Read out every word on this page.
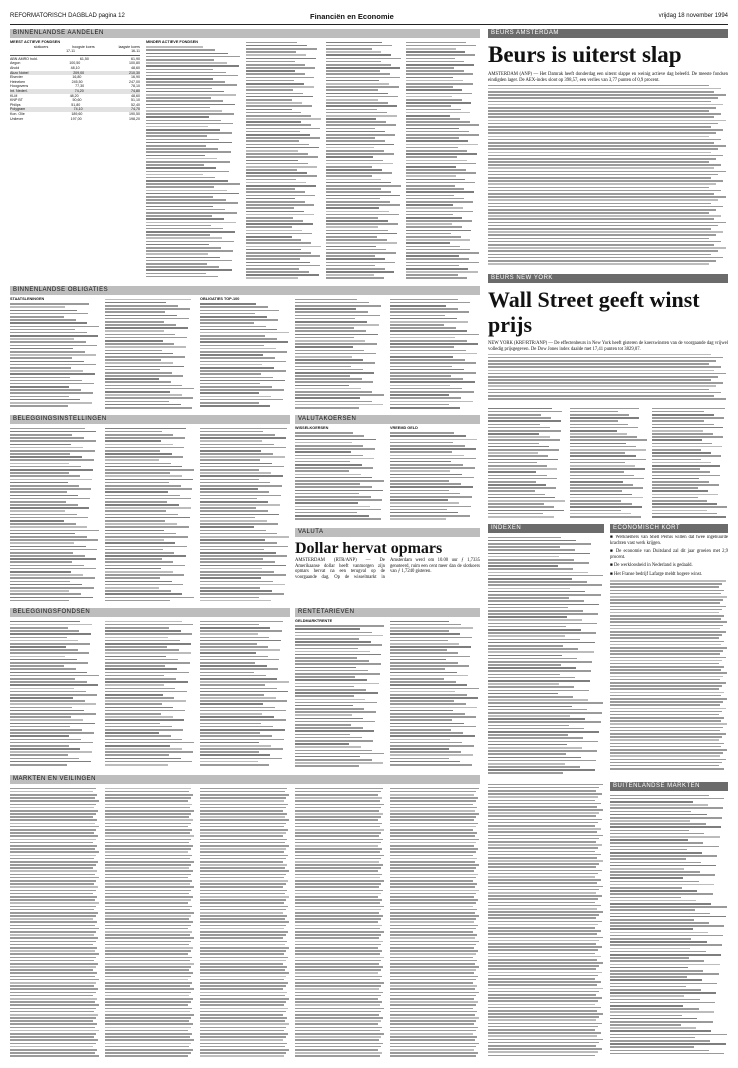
REFORMATORISCH DAGBLAD pagina 12	Financiën en Economie	vrijdag 18 november 1994
BINNENLANDSE AANDELEN
MEEST ACTIEVE FONDSEN
slotkoers	hoogste koers	laagste koers
17-11	16-11
ABN AMRO hold.	61,50	61,90
Aegon	100,50	100,80
Ahold	48,10	48,60
Akzo Nobel	209,00	210,30
Elsevier	16,80	16,90
Heineken	245,50	247,00
Hoogovens	77,30	78,10
Int. Nederl.	74,20	74,80
KLM	48,20	48,60
KNP BT	50,60	51,10
Philips	51,80	52,40
Polygram	74,10	74,70
Kon. Olie	189,60	190,50
Unilever	197,00	198,20
MINDER ACTIEVE FONDSEN
BINNENLANDSE OBLIGATIES
STAATSLENINGEN	OBLIGATIES TOP-100
BELEGGINGSINSTELLINGEN	VALUTAKOERSEN
WISSELKOERSEN	VREEMD GELD
VALUTA
Dollar hervat opmars
AMSTERDAM (RTR/ANP) — De Amerikaanse dollar heeft vanmorgen zijn opmars hervat na een terugval op de voorgaande dag. Op de wisselmarkt in Amsterdam werd om 10.00 uur ƒ 1,7335 genoteerd, ruim een cent meer dan de slotkoers van ƒ 1,7240 gisteren.
BELEGGINGSFONDSEN	RENTETARIEVEN
GELDMARKTRENTE
MARKTEN EN VEILINGEN
BEURS AMSTERDAM
Beurs is uiterst slap
AMSTERDAM (ANP) — Het Damrak heeft donderdag een uiterst slappe en weinig actieve dag beleefd. De meeste fondsen eindigden lager. De AEX-index sloot op 398,57, een verlies van 3,77 punten of 0,9 procent.
BEURS NEW YORK
Wall Street geeft winst prijs
NEW YORK (KRF/RTR/ANP) — De effectenbeurs in New York heeft gisteren de koerswinsten van de voorgaande dag vrijwel volledig prijsgegeven. De Dow Jones index daalde met 17,41 punten tot 3829,07.
INDEXEN	ECONOMISCH KORT
■ Werknemers van Shell Pernis willen dat twee ingehuurde krachten vast werk krijgen.
■ De economie van Duitsland zal dit jaar groeien met 2,9 procent.
■ De werkloosheid in Nederland is gedaald.
■ Het Franse bedrijf Lafarge meldt hogere winst.
BUITENLANDSE MARKTEN
